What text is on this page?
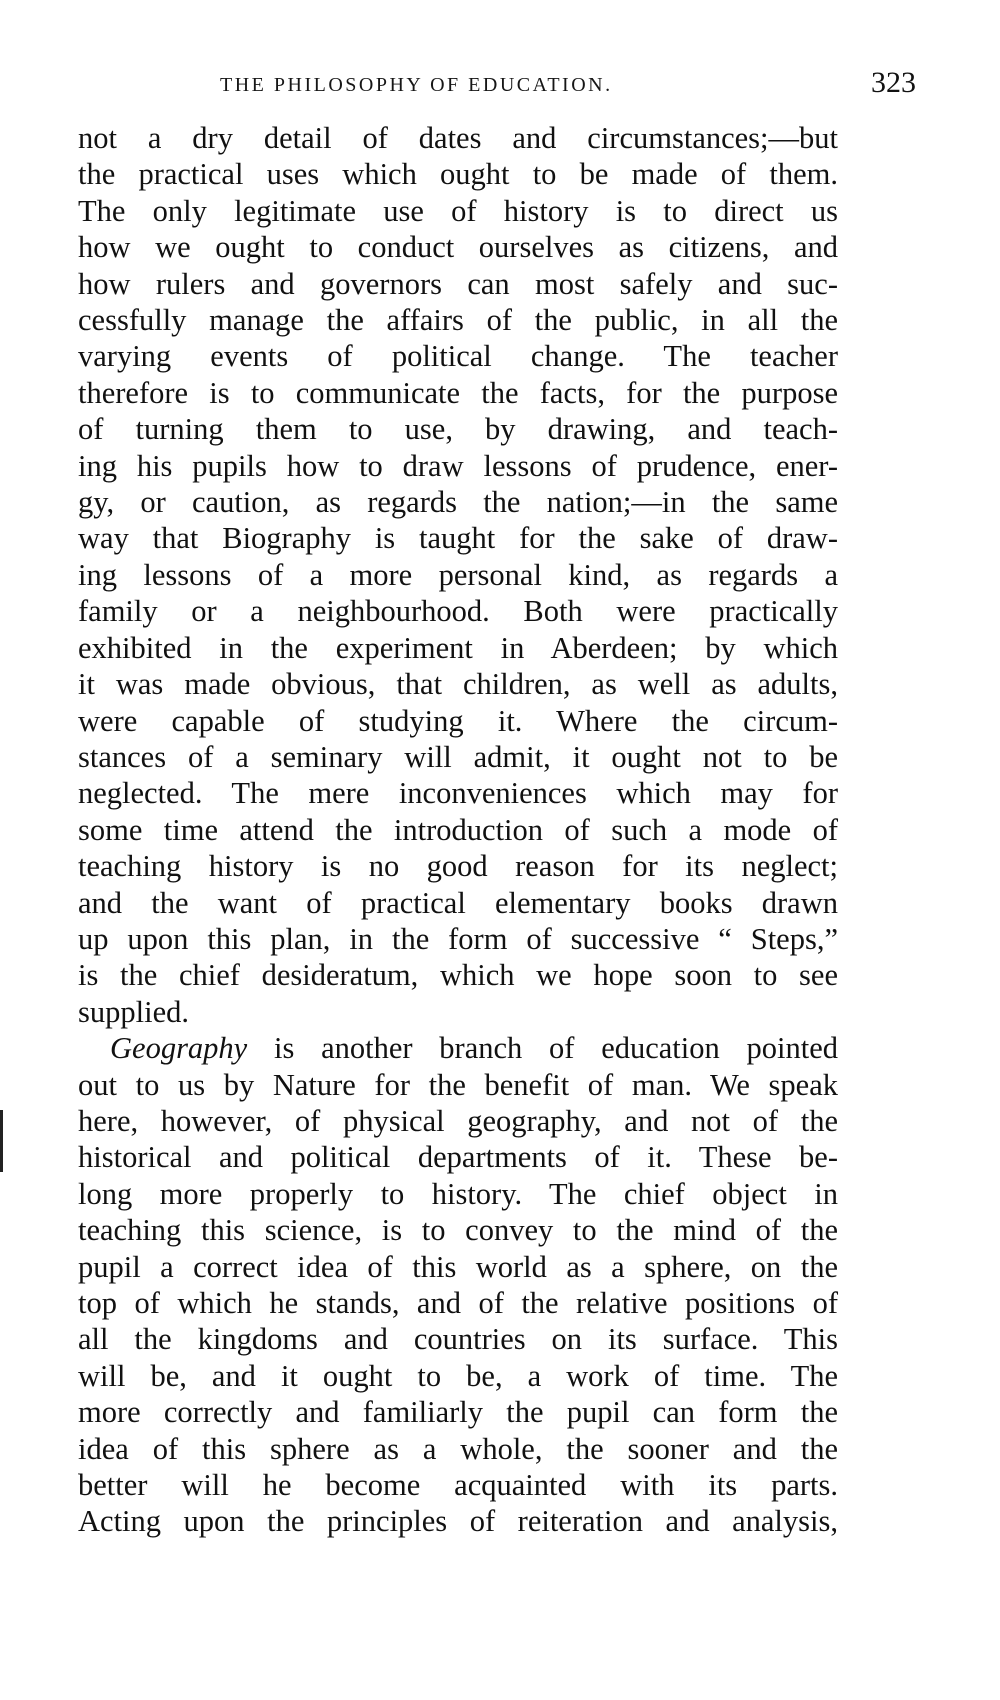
THE PHILOSOPHY OF EDUCATION.	323
not a dry detail of dates and circumstances;—but
the practical uses which ought to be made of them.
The only legitimate use of history is to direct us
how we ought to conduct ourselves as citizens, and
how rulers and governors can most safely and suc-
cessfully manage the affairs of the public, in all the
varying events of political change. The teacher
therefore is to communicate the facts, for the purpose
of turning them to use, by drawing, and teach-
ing his pupils how to draw lessons of prudence, ener-
gy, or caution, as regards the nation;—in the same
way that Biography is taught for the sake of draw-
ing lessons of a more personal kind, as regards a
family or a neighbourhood. Both were practically
exhibited in the experiment in Aberdeen; by which
it was made obvious, that children, as well as adults,
were capable of studying it. Where the circum-
stances of a seminary will admit, it ought not to be
neglected. The mere inconveniences which may for
some time attend the introduction of such a mode of
teaching history is no good reason for its neglect;
and the want of practical elementary books drawn
up upon this plan, in the form of successive “ Steps,”
is the chief desideratum, which we hope soon to see
supplied.
Geography is another branch of education pointed
out to us by Nature for the benefit of man. We speak
here, however, of physical geography, and not of the
historical and political departments of it. These be-
long more properly to history. The chief object in
teaching this science, is to convey to the mind of the
pupil a correct idea of this world as a sphere, on the
top of which he stands, and of the relative positions of
all the kingdoms and countries on its surface. This
will be, and it ought to be, a work of time. The
more correctly and familiarly the pupil can form the
idea of this sphere as a whole, the sooner and the
better will he become acquainted with its parts.
Acting upon the principles of reiteration and analysis,
